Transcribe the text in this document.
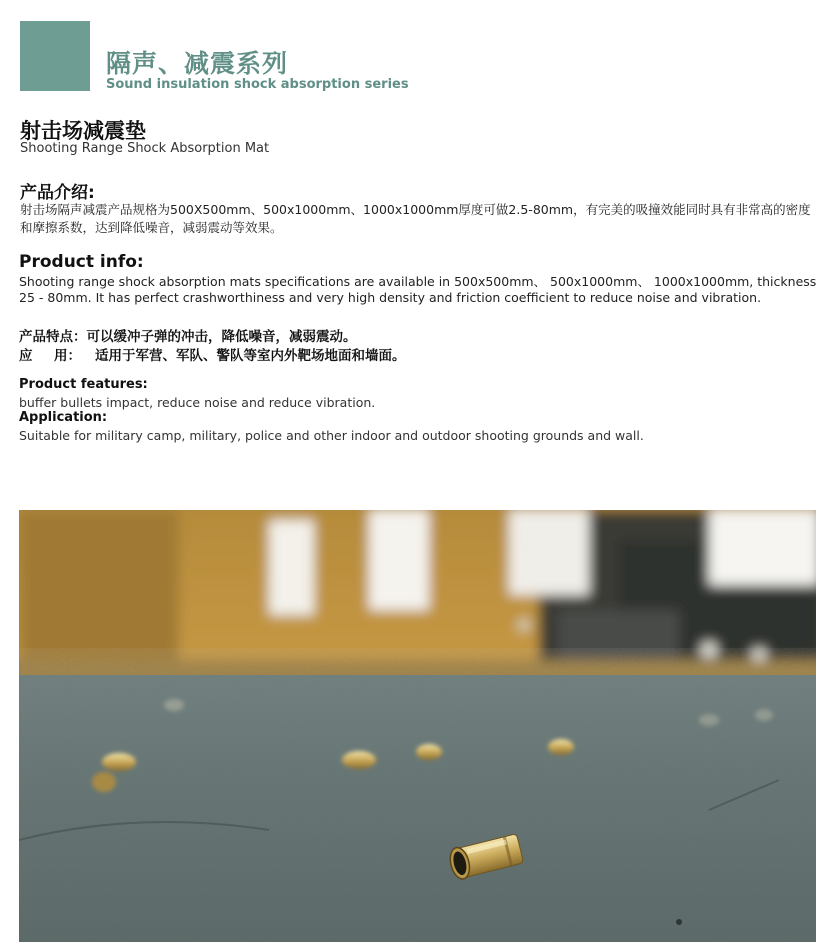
隔声、减震系列
Sound insulation shock absorption series
射击场减震垫
Shooting Range Shock Absorption Mat
产品介绍:
射击场隔声减震产品规格为500X500mm、500x1000mm、1000x1000mm厚度可做2.5-80mm，有完美的吸撞效能同时具有非常高的密度和摩擦系数，达到降低噪音，减弱震动等效果。
Product info:
Shooting range shock absorption mats specifications are available in 500x500mm、 500x1000mm、 1000x1000mm, thickness 25 - 80mm. It has perfect crashworthiness and very high density and friction coefficient to reduce noise and vibration.
产品特点：可以缓冲子弹的冲击，降低噪音，减弱震动。
应 用： 适用于军营、军队、警队等室内外靶场地面和墙面。
Product features:
buffer bullets impact, reduce noise and reduce vibration.
Application:
Suitable for military camp, military, police and other indoor and outdoor shooting grounds and wall.
